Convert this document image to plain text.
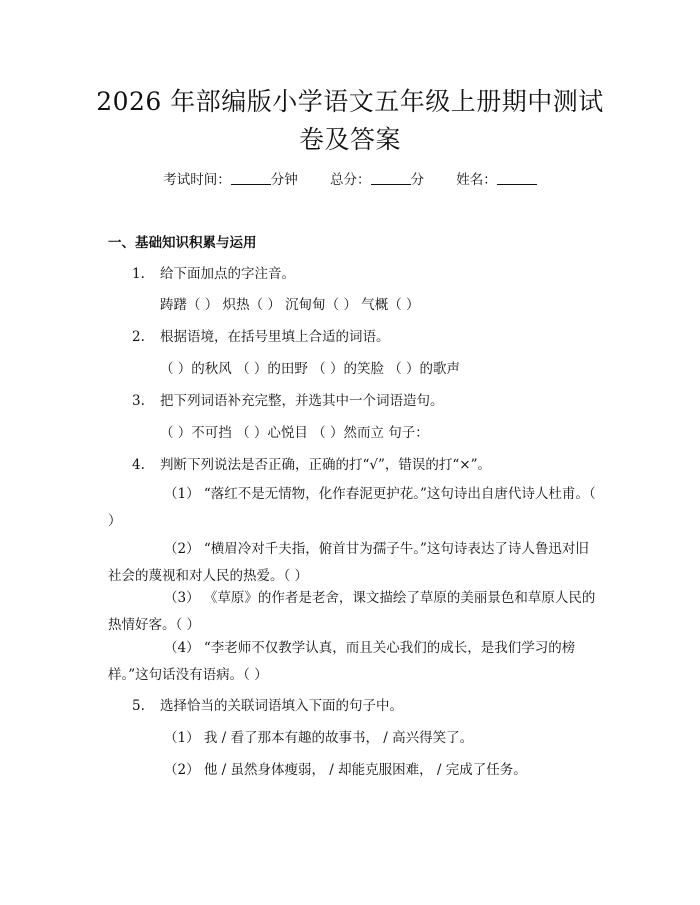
2026 年部编版小学语文五年级上册期中测试
卷及答案
考试时间：	分钟 总分：	分 姓名：
一、基础知识积累与运用
1. 给下面加点的字注音。
踌躇（ ） 炽热（ ） 沉甸甸（ ） 气概（ ）
2. 根据语境，在括号里填上合适的词语。
（ ）的秋风 （ ）的田野 （ ）的笑脸 （ ）的歌声
3. 把下列词语补充完整，并选其中一个词语造句。
（ ）不可挡 （ ）心悦目 （ ）然而立 句子：
4. 判断下列说法是否正确，正确的打“√”，错误的打“×”。
（1） “落红不是无情物，化作春泥更护花。”这句诗出自唐代诗人杜甫。（ ）
（2） “横眉冷对千夫指，俯首甘为孺子牛。”这句诗表达了诗人鲁迅对旧社会的蔑视和对人民的热爱。（ ）
（3） 《草原》的作者是老舍，课文描绘了草原的美丽景色和草原人民的热情好客。（ ）
（4） “李老师不仅教学认真，而且关心我们的成长，是我们学习的榜样。”这句话没有语病。（ ）
5. 选择恰当的关联词语填入下面的句子中。
（1） 我 / 看了那本有趣的故事书， / 高兴得笑了。
（2） 他 / 虽然身体瘦弱， / 却能克服困难， / 完成了任务。
